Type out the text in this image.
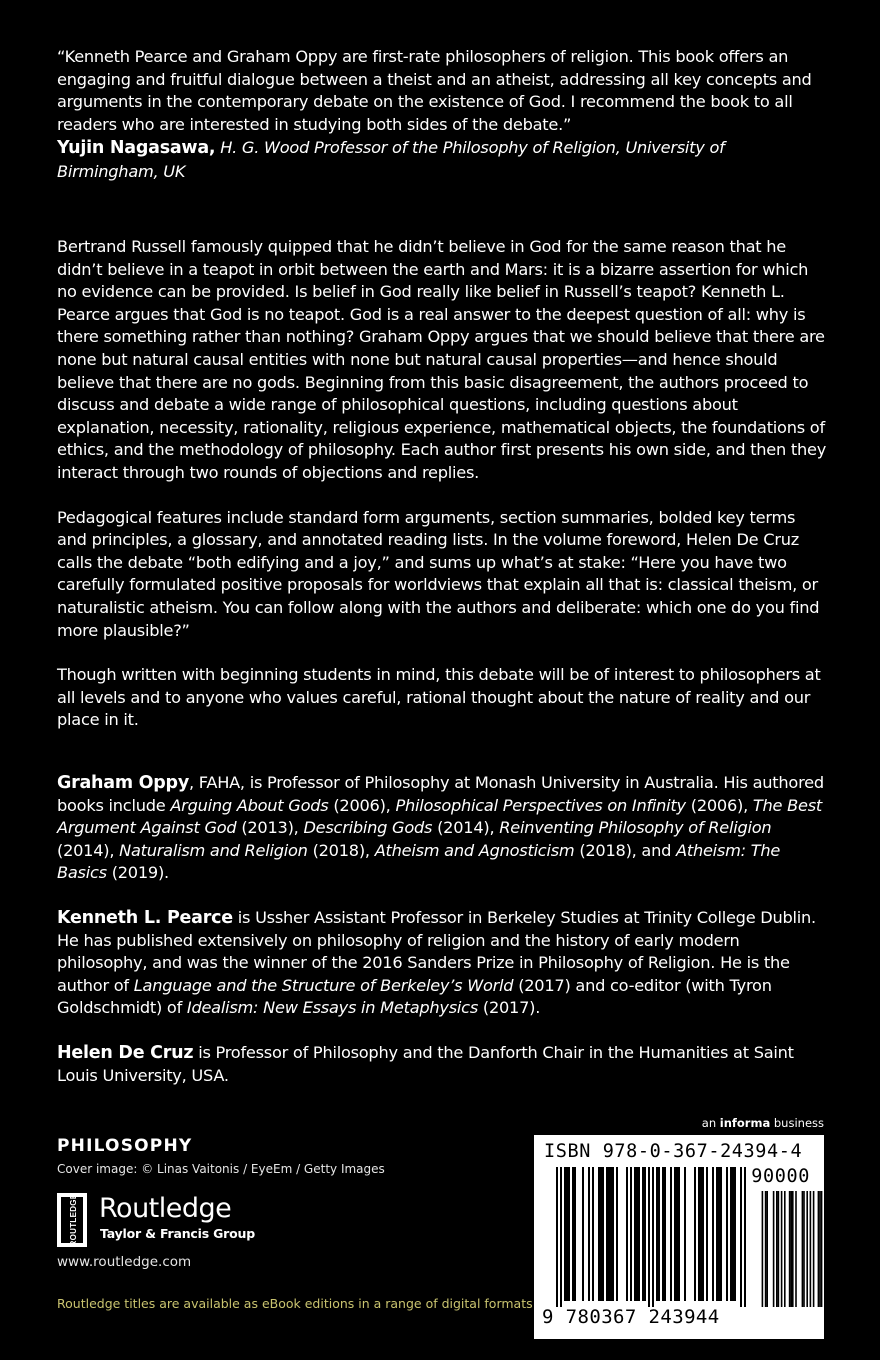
“Kenneth Pearce and Graham Oppy are first-rate philosophers of religion. This book offers an engaging and fruitful dialogue between a theist and an atheist, addressing all key concepts and arguments in the contemporary debate on the existence of God. I recommend the book to all readers who are interested in studying both sides of the debate.”

Yujin Nagasawa, H. G. Wood Professor of the Philosophy of Religion, University of Birmingham, UK

Bertrand Russell famously quipped that he didn’t believe in God for the same reason that he didn’t believe in a teapot in orbit between the earth and Mars: it is a bizarre assertion for which no evidence can be provided. Is belief in God really like belief in Russell’s teapot? Kenneth L. Pearce argues that God is no teapot. God is a real answer to the deepest question of all: why is there something rather than nothing? Graham Oppy argues that we should believe that there are none but natural causal entities with none but natural causal properties—and hence should believe that there are no gods. Beginning from this basic disagreement, the authors proceed to discuss and debate a wide range of philosophical questions, including questions about explanation, necessity, rationality, religious experience, mathematical objects, the foundations of ethics, and the methodology of philosophy. Each author first presents his own side, and then they interact through two rounds of objections and replies.

Pedagogical features include standard form arguments, section summaries, bolded key terms and principles, a glossary, and annotated reading lists. In the volume foreword, Helen De Cruz calls the debate “both edifying and a joy,” and sums up what’s at stake: “Here you have two carefully formulated positive proposals for worldviews that explain all that is: classical theism, or naturalistic atheism. You can follow along with the authors and deliberate: which one do you find more plausible?”

Though written with beginning students in mind, this debate will be of interest to philosophers at all levels and to anyone who values careful, rational thought about the nature of reality and our place in it.

Graham Oppy, FAHA, is Professor of Philosophy at Monash University in Australia. His authored books include Arguing About Gods (2006), Philosophical Perspectives on Infinity (2006), The Best Argument Against God (2013), Describing Gods (2014), Reinventing Philosophy of Religion (2014), Naturalism and Religion (2018), Atheism and Agnosticism (2018), and Atheism: The Basics (2019).

Kenneth L. Pearce is Ussher Assistant Professor in Berkeley Studies at Trinity College Dublin. He has published extensively on philosophy of religion and the history of early modern philosophy, and was the winner of the 2016 Sanders Prize in Philosophy of Religion. He is the author of Language and the Structure of Berkeley’s World (2017) and co-editor (with Tyron Goldschmidt) of Idealism: New Essays in Metaphysics (2017).

Helen De Cruz is Professor of Philosophy and the Danforth Chair in the Humanities at Saint Louis University, USA.

PHILOSOPHY
Cover image: © Linas Vaitonis / EyeEm / Getty Images
ROUTLEDGE Routledge
Taylor & Francis Group
www.routledge.com
Routledge titles are available as eBook editions in a range of digital formats
an informa business
ISBN 978-0-367-24394-4
90000
9 780367 243944
